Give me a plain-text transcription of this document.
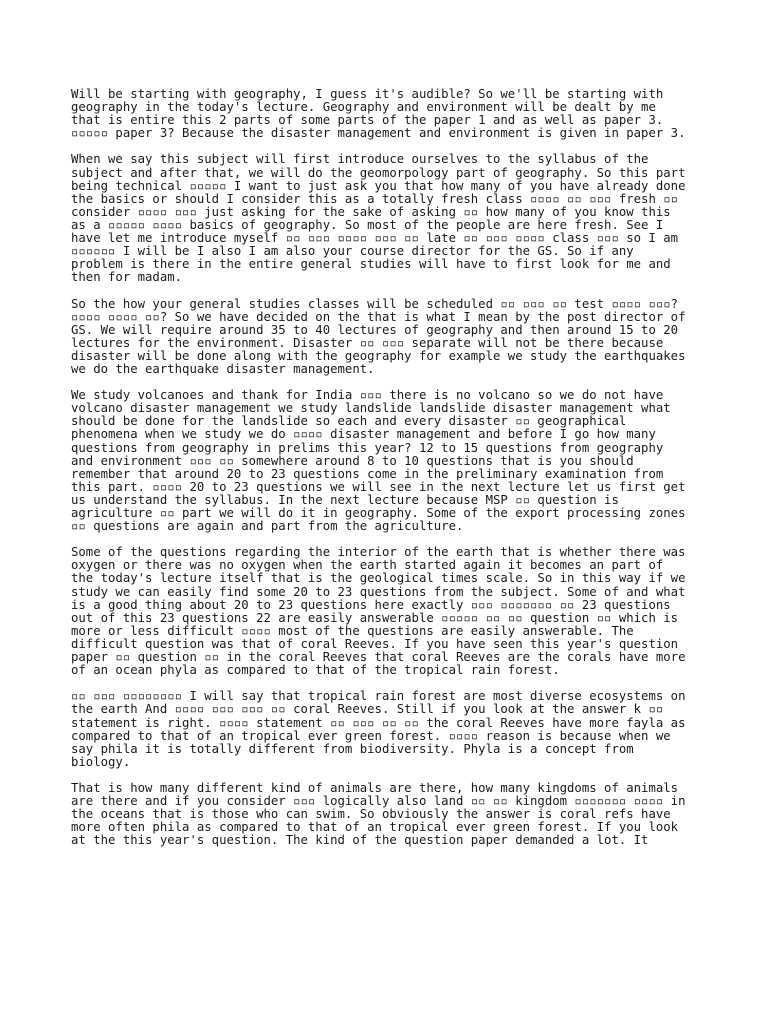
Will be starting with geography, I guess it's audible? So we'll be starting with
geography in the today's lecture. Geography and environment will be dealt by me
that is entire this 2 parts of some parts of the paper 1 and as well as paper 3.
▫▫▫▫▫ paper 3? Because the disaster management and environment is given in paper 3.

When we say this subject will first introduce ourselves to the syllabus of the
subject and after that, we will do the geomorpology part of geography. So this part
being technical ▫▫▫▫▫ I want to just ask you that how many of you have already done
the basics or should I consider this as a totally fresh class ▫▫▫▫ ▫▫ ▫▫▫ fresh ▫▫
consider ▫▫▫▫ ▫▫▫ just asking for the sake of asking ▫▫ how many of you know this
as a ▫▫▫▫▫ ▫▫▫▫ basics of geography. So most of the people are here fresh. See I
have let me introduce myself ▫▫ ▫▫▫ ▫▫▫▫ ▫▫▫ ▫▫ late ▫▫ ▫▫▫ ▫▫▫▫ class ▫▫▫ so I am
▫▫▫▫▫▫ I will be I also I am also your course director for the GS. So if any
problem is there in the entire general studies will have to first look for me and
then for madam.

So the how your general studies classes will be scheduled ▫▫ ▫▫▫ ▫▫ test ▫▫▫▫ ▫▫▫?
▫▫▫▫ ▫▫▫▫ ▫▫? So we have decided on the that is what I mean by the post director of
GS. We will require around 35 to 40 lectures of geography and then around 15 to 20
lectures for the environment. Disaster ▫▫ ▫▫▫ separate will not be there because
disaster will be done along with the geography for example we study the earthquakes
we do the earthquake disaster management.

We study volcanoes and thank for India ▫▫▫ there is no volcano so we do not have
volcano disaster management we study landslide landslide disaster management what
should be done for the landslide so each and every disaster ▫▫ geographical
phenomena when we study we do ▫▫▫▫ disaster management and before I go how many
questions from geography in prelims this year? 12 to 15 questions from geography
and environment ▫▫▫ ▫▫ somewhere around 8 to 10 questions that is you should
remember that around 20 to 23 questions come in the preliminary examination from
this part. ▫▫▫▫ 20 to 23 questions we will see in the next lecture let us first get
us understand the syllabus. In the next lecture because MSP ▫▫ question is
agriculture ▫▫ part we will do it in geography. Some of the export processing zones
▫▫ questions are again and part from the agriculture.

Some of the questions regarding the interior of the earth that is whether there was
oxygen or there was no oxygen when the earth started again it becomes an part of
the today's lecture itself that is the geological times scale. So in this way if we
study we can easily find some 20 to 23 questions from the subject. Some of and what
is a good thing about 20 to 23 questions here exactly ▫▫▫ ▫▫▫▫▫▫▫ ▫▫ 23 questions
out of this 23 questions 22 are easily answerable ▫▫▫▫▫ ▫▫ ▫▫ question ▫▫ which is
more or less difficult ▫▫▫▫ most of the questions are easily answerable. The
difficult question was that of coral Reeves. If you have seen this year's question
paper ▫▫ question ▫▫ in the coral Reeves that coral Reeves are the corals have more
of an ocean phyla as compared to that of the tropical rain forest.

▫▫ ▫▫▫ ▫▫▫▫▫▫▫▫ I will say that tropical rain forest are most diverse ecosystems on
the earth And ▫▫▫▫ ▫▫▫ ▫▫▫ ▫▫ coral Reeves. Still if you look at the answer k ▫▫
statement is right. ▫▫▫▫ statement ▫▫ ▫▫▫ ▫▫ ▫▫ the coral Reeves have more fayla as
compared to that of an tropical ever green forest. ▫▫▫▫ reason is because when we
say phila it is totally different from biodiversity. Phyla is a concept from
biology.

That is how many different kind of animals are there, how many kingdoms of animals
are there and if you consider ▫▫▫ logically also land ▫▫ ▫▫ kingdom ▫▫▫▫▫▫▫ ▫▫▫▫ in
the oceans that is those who can swim. So obviously the answer is coral refs have
more often phila as compared to that of an tropical ever green forest. If you look
at the this year's question. The kind of the question paper demanded a lot. It
